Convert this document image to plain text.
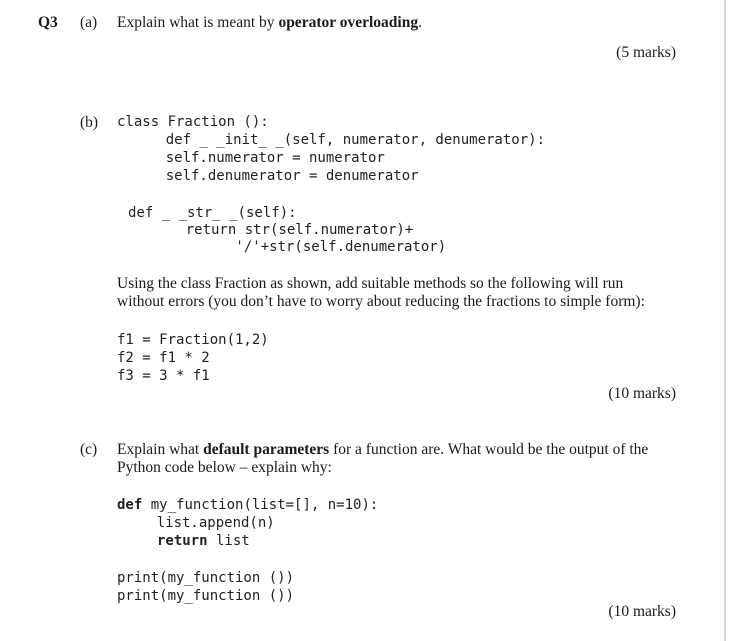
Q3 (a) Explain what is meant by operator overloading.
(5 marks)
(b) class Fraction ():
def _ _init_ _(self, numerator, denumerator):
self.numerator = numerator
self.denumerator = denumerator
def _ _str_ _(self):
return str(self.numerator)+
'/'+str(self.denumerator)
Using the class Fraction as shown, add suitable methods so the following will run
without errors (you don’t have to worry about reducing the fractions to simple form):
f1 = Fraction(1,2)
f2 = f1 * 2
f3 = 3 * f1
(10 marks)
(c) Explain what default parameters for a function are. What would be the output of the
Python code below – explain why:
def my_function(list=[], n=10):
list.append(n)
return list
print(my_function ())
print(my_function ())
(10 marks)
